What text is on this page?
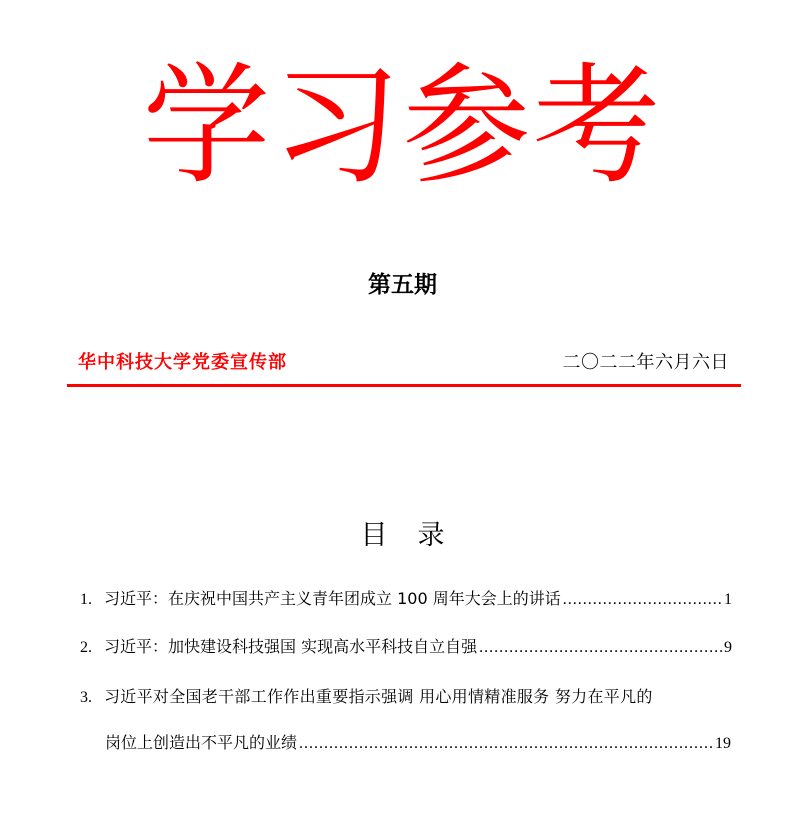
学习参考
第五期
华中科技大学党委宣传部	二〇二二年六月六日
目 录
1. 习近平：在庆祝中国共产主义青年团成立 100 周年大会上的讲话 .....	1
2. 习近平：加快建设科技强国 实现高水平科技自立自强 .....	9
3. 习近平对全国老干部工作作出重要指示强调 用心用情精准服务 努力在平凡的
岗位上创造出不平凡的业绩 .....	19
